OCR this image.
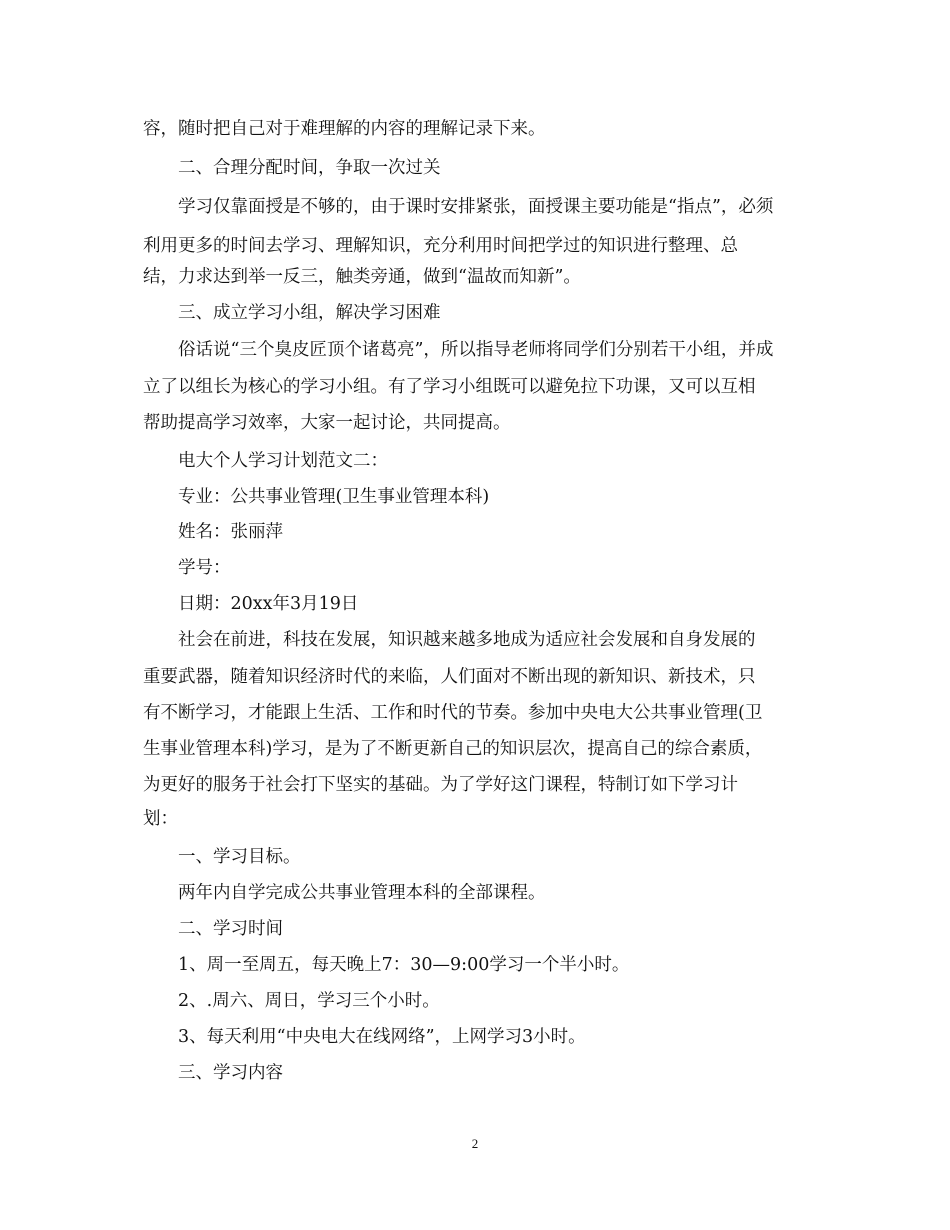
容，随时把自己对于难理解的内容的理解记录下来。
二、合理分配时间，争取一次过关
学习仅靠面授是不够的，由于课时安排紧张，面授课主要功能是“指点”，必须
利用更多的时间去学习、理解知识，充分利用时间把学过的知识进行整理、总
结，力求达到举一反三，触类旁通，做到“温故而知新”。
三、成立学习小组，解决学习困难
俗话说“三个臭皮匠顶个诸葛亮”，所以指导老师将同学们分别若干小组，并成
立了以组长为核心的学习小组。有了学习小组既可以避免拉下功课，又可以互相
帮助提高学习效率，大家一起讨论，共同提高。
电大个人学习计划范文二：
专业：公共事业管理(卫生事业管理本科)
姓名：张丽萍
学号：
日期：20xx年3月19日
社会在前进，科技在发展，知识越来越多地成为适应社会发展和自身发展的
重要武器，随着知识经济时代的来临，人们面对不断出现的新知识、新技术，只
有不断学习，才能跟上生活、工作和时代的节奏。参加中央电大公共事业管理(卫
生事业管理本科)学习，是为了不断更新自己的知识层次，提高自己的综合素质，
为更好的服务于社会打下坚实的基础。为了学好这门课程，特制订如下学习计
划：
一、学习目标。
两年内自学完成公共事业管理本科的全部课程。
二、学习时间
1、周一至周五，每天晚上7：30—9:00学习一个半小时。
2、.周六、周日，学习三个小时。
3、每天利用“中央电大在线网络”，上网学习3小时。
三、学习内容
2
